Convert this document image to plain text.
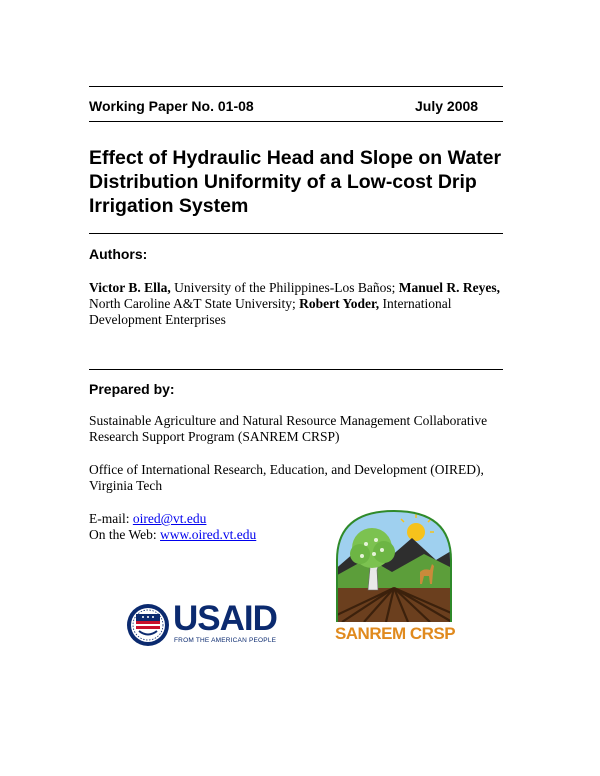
Working Paper No. 01-08	July 2008
Effect of Hydraulic Head and Slope on Water Distribution Uniformity of a Low-cost Drip Irrigation System
Authors:
Victor B. Ella, University of the Philippines-Los Baños; Manuel R. Reyes, North Caroline A&T State University; Robert Yoder, International Development Enterprises
Prepared by:
Sustainable Agriculture and Natural Resource Management Collaborative Research Support Program (SANREM CRSP)
Office of International Research, Education, and Development (OIRED), Virginia Tech
E-mail: oired@vt.edu
On the Web: www.oired.vt.edu
USAID
FROM THE AMERICAN PEOPLE	SANREM CRSP
